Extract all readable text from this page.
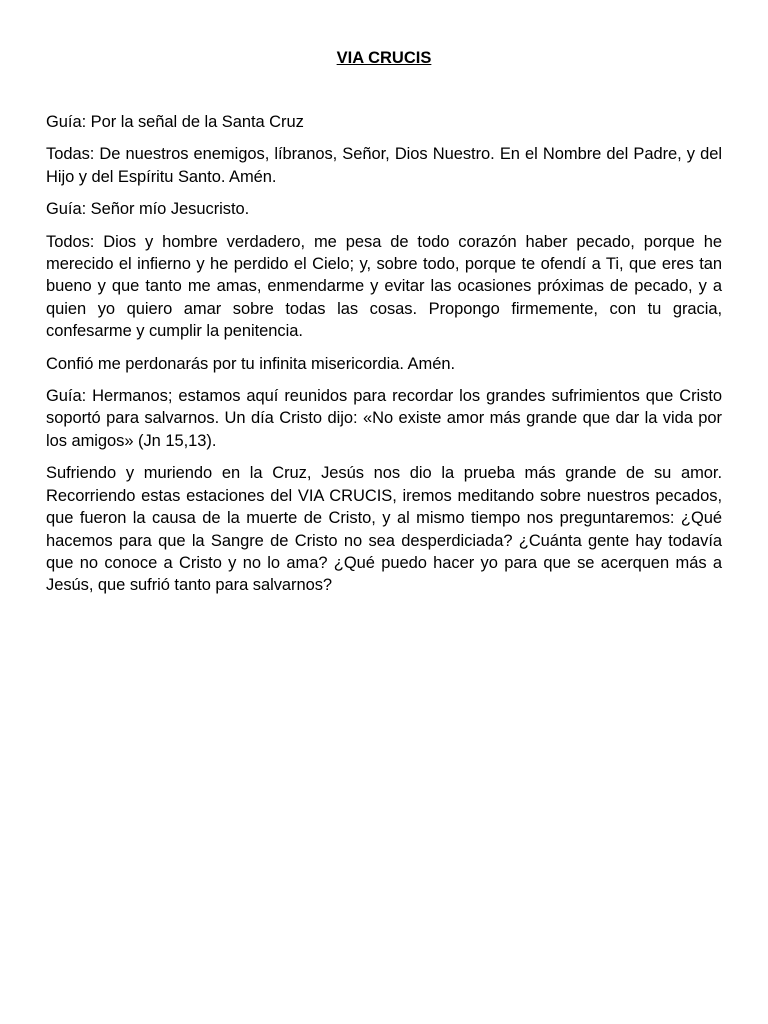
VIA CRUCIS

Guía: Por la señal de la Santa Cruz

Todas: De nuestros enemigos, líbranos, Señor, Dios Nuestro. En el Nombre del Padre, y del Hijo y del Espíritu Santo. Amén.

Guía: Señor mío Jesucristo.

Todos: Dios y hombre verdadero, me pesa de todo corazón haber pecado, porque he merecido el infierno y he perdido el Cielo; y, sobre todo, porque te ofendí a Ti, que eres tan bueno y que tanto me amas, enmendarme y evitar las ocasiones próximas de pecado, y a quien yo quiero amar sobre todas las cosas. Propongo firmemente, con tu gracia, confesarme y cumplir la penitencia.

Confió me perdonarás por tu infinita misericordia. Amén.

Guía: Hermanos; estamos aquí reunidos para recordar los grandes sufrimientos que Cristo soportó para salvarnos. Un día Cristo dijo: «No existe amor más grande que dar la vida por los amigos» (Jn 15,13).

Sufriendo y muriendo en la Cruz, Jesús nos dio la prueba más grande de su amor. Recorriendo estas estaciones del VIA CRUCIS, iremos meditando sobre nuestros pecados, que fueron la causa de la muerte de Cristo, y al mismo tiempo nos preguntaremos: ¿Qué hacemos para que la Sangre de Cristo no sea desperdiciada? ¿Cuánta gente hay todavía que no conoce a Cristo y no lo ama? ¿Qué puedo hacer yo para que se acerquen más a Jesús, que sufrió tanto para salvarnos?
